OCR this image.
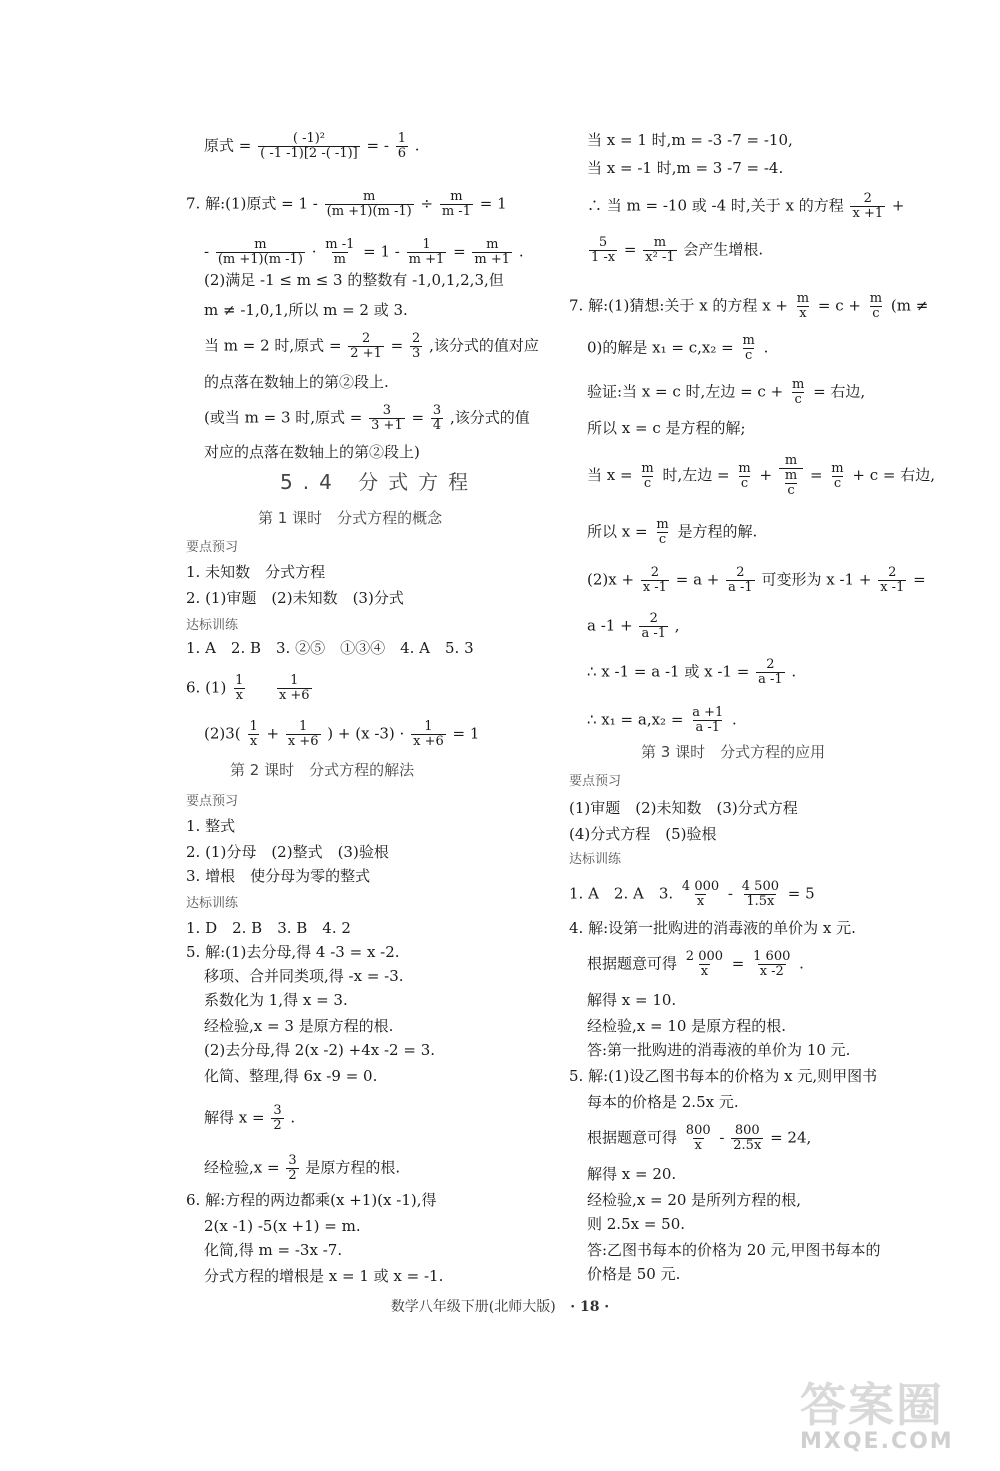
原式 = $\frac{\text{( -1)²}}{( -1 -1)[2 -( -1)]}$ = - $\frac{1}{6}$ .
7. 解:(1)原式 = $1 - \frac{m}{(m +1)(m -1)} \div \frac{m}{m -1} = 1$
- $\frac{m}{(m +1)(m -1)} \cdot \frac{m -1}{m} = 1 - \frac{1}{m +1} = \frac{m}{m +1}$ .
(2)满足 -1 ≤ m ≤ 3 的整数有 -1,0,1,2,3,但
m ≠ -1,0,1,所以 m = 2 或 3.
当 m = 2 时,原式 = $\frac{2}{2 +1} = \frac{2}{3}$ ,该分式的值对应
的点落在数轴上的第②段上.
(或当 m = 3 时,原式 = $\frac{3}{3 +1} = \frac{3}{4}$ ,该分式的值
对应的点落在数轴上的第②段上)
5.4 分式方程
第 1 课时　分式方程的概念
要点预习
1. 未知数　分式方程
2. (1)审题　(2)未知数　(3)分式
达标训练
1. A　2. B　3. ②⑤　①③④　4. A　5. 3
6. $(1) \frac{1}{x}$
$\frac{1}{x +6}$
$(2)3( \frac{1}{x} + \frac{1}{x +6}$ ) + (x $-3) \cdot \frac{1}{x +6} = 1$
第 2 课时　分式方程的解法
要点预习
1. 整式
2. (1)分母　(2)整式　(3)验根
3. 增根　使分母为零的整式
达标训练
1. D　2. B　3. B　4. 2
5. 解:(1)去分母,得 4 -3 = x -2.
移项、合并同类项,得 -x = -3.
系数化为 1,得 x = 3.
经检验,x = 3 是原方程的根.
(2)去分母,得 2(x -2) +4x -2 = 3.
化简、整理,得 6x -9 = 0.
解得 $x = \frac{3}{2}$ .
经检验$,x = \frac{3}{2}$ 是原方程的根.
6. 解:方程的两边都乘(x +1)(x -1),得
2(x -1) -5(x +1) = m.
化简,得 m = -3x -7.
分式方程的增根是 x = 1 或 x = -1.
当 x = 1 时,m = -3 -7 = -10,
当 x = -1 时,m = 3 -7 = -4.
∴ 当 m = -10 或 -4 时,关于 x 的方程 $\frac{2}{x +1}$ +
$\frac{5}{1 -x} = \frac{m}{\text{x² -1}}$ 会产生增根.
7. 解:(1)猜想:关于 x 的方程 $x + \frac{m}{x} = c + \frac{m}{c} (m$ ≠
0)的解是 $x_1 = c,x_2 = \frac{m}{c}$ .
验证:当 x = c 时,左边 = $c + \frac{m}{c}$ = 右边,
所以 x = c 是方程的解;
当 $x = \frac{m}{c}$ 时,左边 = $\frac{m}{c} + \frac{m}{\frac{m}{c}} = \frac{m}{c} + c$ = 右边,
所以 $x = \frac{m}{c}$ 是方程的解.
$(2)x + \frac{2}{x -1} = a + \frac{2}{a -1}$ 可变形为 x $-1 + \frac{2}{x -1}$ =
a $-1 + \frac{2}{a -1}$ ,
∴ x -1 = a -1 或 x $-1 = \frac{2}{a -1}$ .
∴ $x_1 = a,x_2 = \frac{a +1}{a -1}$ .
第 3 课时　分式方程的应用
要点预习
(1)审题　(2)未知数　(3)分式方程
(4)分式方程　(5)验根
达标训练
1. A　2. A　3. $\frac{4 000}{x} - \frac{4 500}{1.5x} = 5$
4. 解:设第一批购进的消毒液的单价为 x 元.
根据题意可得 $\frac{2 000}{x} = \frac{1 600}{x -2}$ .
解得 x = 10.
经检验,x = 10 是原方程的根.
答:第一批购进的消毒液的单价为 10 元.
5. 解:(1)设乙图书每本的价格为 x 元,则甲图书
每本的价格是 2.5x 元.
根据题意可得 $\frac{800}{x} - \frac{800}{2.5x} = 24$,
解得 x = 20.
经检验,x = 20 是所列方程的根,
则 2.5x = 50.
答:乙图书每本的价格为 20 元,甲图书每本的
价格是 50 元.
数学八年级下册(北师大版) · 18 ·
答案圈
MXQE.COM
